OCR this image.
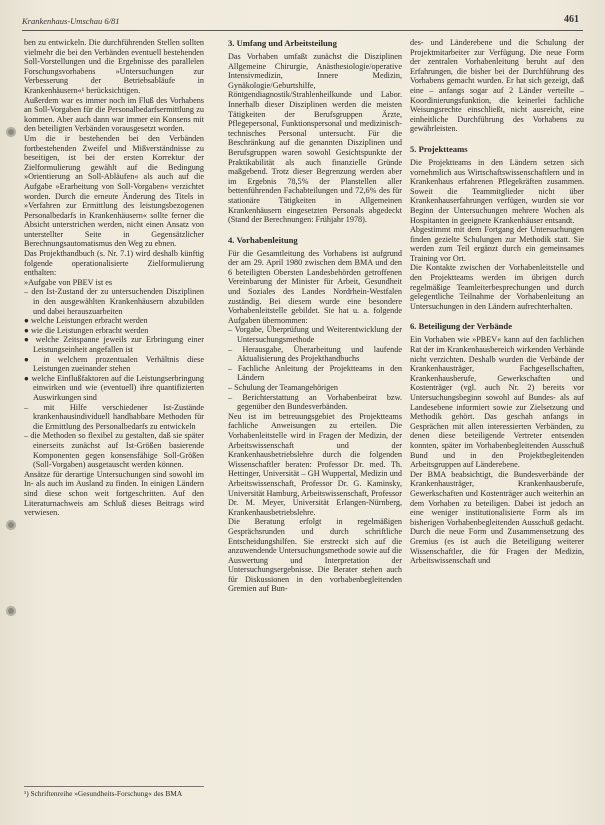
Krankenhaus-Umschau 6/81	461

ben zu entwickeln. Die durchführenden Stellen sollten vielmehr die bei den Verbänden eventuell bestehenden Soll-Vorstellungen und die Ergebnisse des parallelen Forschungsvorhabens »Untersuchungen zur Verbesserung der Betriebsabläufe in Krankenhäusern«¹ berücksichtigen.

Außerdem war es immer noch im Fluß des Vorhabens an Soll-Vorgaben für die Personalbedarfsermittlung zu kommen. Aber auch dann war immer ein Konsens mit den beteiligten Verbänden vorausgesetzt worden.

Um die ir bestehenden bei den Verbänden fortbestehenden Zweifel und Mißverständnisse zu beseitigen, ist bei der ersten Korrektur der Zielformulierung gewählt auf die Bedingung »Orientierung an Soll-Abläufen« als auch auf die Aufgabe »Erarbeitung von Soll-Vorgaben« verzichtet worden. Durch die erneute Änderung des Titels in »Verfahren zur Ermittlung des leistungsbezogenen Personalbedarfs in Krankenhäusern« sollte ferner die Absicht unterstrichen werden, nicht einen Ansatz von unterstellter Seite in Gegensätzlicher Berechnungsautomatismus den Weg zu ebnen.

Das Projekthandbuch (s. Nr. 7.1) wird deshalb künftig folgende operationalisierte Zielformulierung enthalten:

»Aufgabe von PBEV ist es

– den Ist-Zustand der zu untersuchenden Disziplinen in den ausgewählten Krankenhäusern abzubilden und dabei herauszuarbeiten

● welche Leistungen erbracht werden

● wie die Leistungen erbracht werden

● welche Zeitspanne jeweils zur Erbringung einer Leistungseinheit angefallen ist

● in welchem prozentualen Verhältnis diese Leistungen zueinander stehen

● welche Einflußfaktoren auf die Leistungserbringung einwirken und wie (eventuell) ihre quantifizierten Auswirkungen sind

– mit Hilfe verschiedener Ist-Zustände krankenhausindividuell handhabbare Methoden für die Ermittlung des Personalbedarfs zu entwickeln

– die Methoden so flexibel zu gestalten, daß sie später einerseits zunächst auf Ist-Größen basierende Komponenten gegen konsensfähige Soll-Größen (Soll-Vorgaben) ausgetauscht werden können.

Ansätze für derartige Untersuchungen sind sowohl im In- als auch im Ausland zu finden. In einigen Ländern sind diese schon weit fortgeschritten. Auf den Literaturnachweis am Schluß dieses Beitrags wird verwiesen.

¹) Schriftenreihe »Gesundheits-Forschung« des BMA
3. Umfang und Arbeitsteilung

Das Vorhaben umfaßt zunächst die Disziplinen Allgemeine Chirurgie, Anästhesiologie/operative Intensivmedizin, Innere Medizin, Gynäkologie/Geburtshilfe, Röntgendiagnostik/Strahlenheilkunde und Labor. Innerhalb dieser Disziplinen werden die meisten Tätigkeiten der Berufsgruppen Ärzte, Pflegepersonal, Funktionspersonal und medizinisch-technisches Personal untersucht. Für die Beschränkung auf die genannten Disziplinen und Berufsgruppen waren sowohl Gesichtspunkte der Praktikabilität als auch finanzielle Gründe maßgebend. Trotz dieser Begrenzung werden aber im Ergebnis 78,5% der Planstellen aller bettenführenden Fachabteilungen und 72,6% des für stationäre Tätigkeiten in Allgemeinen Krankenhäusern eingesetzten Personals abgedeckt (Stand der Berechnungen: Frühjahr 1978).

4. Vorhabenleitung

Für die Gesamtleitung des Vorhabens ist aufgrund der am 29. April 1980 zwischen dem BMA und den 6 beteiligten Obersten Landesbehörden getroffenen Vereinbarung der Minister für Arbeit, Gesundheit und Soziales des Landes Nordrhein-Westfalen zuständig. Bei diesem wurde eine besondere Vorhabenleitstelle gebildet. Sie hat u. a. folgende Aufgaben übernommen:

– Vorgabe, Überprüfung und Weiterentwicklung der Untersuchungsmethode

– Herausgabe, Überarbeitung und laufende Aktualisierung des Projekthandbuchs

– Fachliche Anleitung der Projektteams in den Ländern

– Schulung der Teamangehörigen

– Berichterstattung an Vorhabenbeirat bzw. gegenüber den Bundesverbänden.

Neu ist im betreuungsgebiet des Projektteams fachliche Anweisungen zu erteilen. Die Vorhabenleitstelle wird in Fragen der Medizin, der Arbeitswissenschaft und der Krankenhausbetriebslehre durch die folgenden Wissenschaftler beraten: Professor Dr. med. Th. Hettinger, Universität – GH Wuppertal, Medizin und Arbeitswissenschaft, Professor Dr. G. Kaminsky, Universität Hamburg, Arbeitswissenschaft, Professor Dr. M. Meyer, Universität Erlangen-Nürnberg, Krankenhausbetriebslehre.

Die Beratung erfolgt in regelmäßigen Gesprächsrunden und durch schriftliche Entscheidungshilfen. Sie erstreckt sich auf die anzuwendende Untersuchungsmethode sowie auf die Auswertung und Interpretation der Untersuchungsergebnisse. Die Berater stehen auch für Diskussionen in den vorhabenbegleitenden Gremien auf Bun-

des- und Länderebene und die Schulung der Projektmitarbeiter zur Verfügung. Die neue Form der zentralen Vorhabenleitung beruht auf den Erfahrungen, die bisher bei der Durchführung des Vorhabens gemacht wurden. Er hat sich gezeigt, daß eine – anfangs sogar auf 2 Länder verteilte – Koordinierungsfunktion, die keinerlei fachliche Weisungsrechte einschließt, nicht ausreicht, eine einheitliche Durchführung des Vorhabens zu gewährleisten.

5. Projektteams

Die Projektteams in den Ländern setzen sich vornehmlich aus Wirtschaftswissenschaftlern und in Krankenhaus erfahrenen Pflegekräften zusammen. Soweit die Teammitglieder nicht über Krankenhauserfahrungen verfügen, wurden sie vor Beginn der Untersuchungen mehrere Wochen als Hospitanten in geeignete Krankenhäuser entsandt.

Abgestimmt mit dem Fortgang der Untersuchungen finden gezielte Schulungen zur Methodik statt. Sie werden zum Teil ergänzt durch ein gemeinsames Training vor Ort.

Die Kontakte zwischen der Vorhabenleitstelle und den Projektteams werden im übrigen durch regelmäßige Teamleiterbesprechungen und durch gelegentliche Teilnahme der Vorhabenleitung an Untersuchungen in den Ländern aufrechterhalten.

6. Beteiligung der Verbände

Ein Vorhaben wie »PBEV« kann auf den fachlichen Rat der im Krankenhausbereich wirkenden Verbände nicht verzichten. Deshalb wurden die Verbände der Krankenhausträger, Fachgesellschaften, Krankenhausberufe, Gewerkschaften und Kostenträger (vgl. auch Nr. 2) bereits vor Untersuchungsbeginn sowohl auf Bundes- als auf Landesebene informiert sowie zur Zielsetzung und Methodik gehört. Das geschah anfangs in Gesprächen mit allen interessierten Verbänden, zu denen diese beteiligende Vertreter entsenden konnten, später im Vorhabenbegleitenden Ausschuß Bund und in den Projektbegleitenden Arbeitsgruppen auf Länderebene.

Der BMA beabsichtigt, die Bundesverbände der Krankenhausträger, Krankenhausberufe, Gewerkschaften und Kostenträger auch weiterhin an dem Vorhaben zu beteiligen. Dabei ist jedoch an eine weniger institutionalisierte Form als im bisherigen Vorhabenbegleitenden Ausschuß gedacht. Durch die neue Form und Zusammensetzung des Gremius (es ist auch die Beteiligung weiterer Wissenschaftler, die für Fragen der Medizin, Arbeitswissenschaft und
